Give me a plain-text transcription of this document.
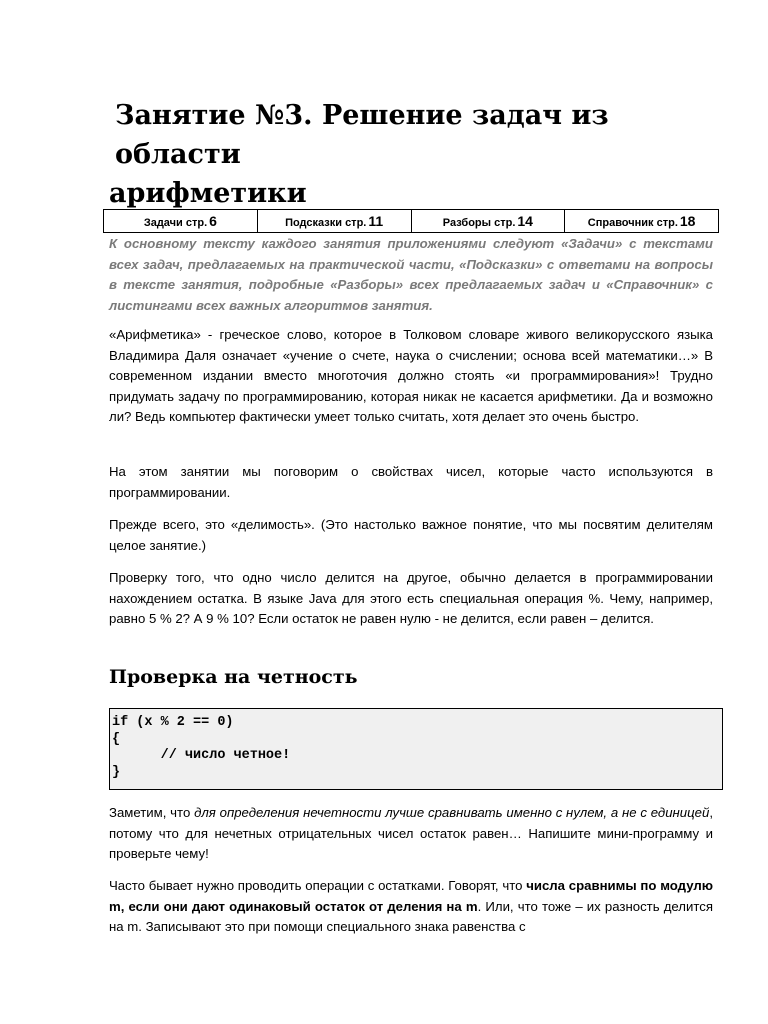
Занятие №3. Решение задач из области
арифметики
Задачи стр. 6	Подсказки стр. 11	Разборы стр. 14	Справочник стр. 18
К основному тексту каждого занятия приложениями следуют «Задачи» с текстами всех задач, предлагаемых на практической части, «Подсказки» с ответами на вопросы в тексте занятия, подробные «Разборы» всех предлагаемых задач и «Справочник» с листингами всех важных алгоритмов занятия.
«Арифметика» - греческое слово, которое в Толковом словаре живого великорусского языка Владимира Даля означает «учение о счете, наука о счислении; основа всей математики…» В современном издании вместо многоточия должно стоять «и программирования»! Трудно придумать задачу по программированию, которая никак не касается арифметики. Да и возможно ли? Ведь компьютер фактически умеет только считать, хотя делает это очень быстро.
На этом занятии мы поговорим о свойствах чисел, которые часто используются в программировании.
Прежде всего, это «делимость». (Это настолько важное понятие, что мы посвятим делителям целое занятие.)
Проверку того, что одно число делится на другое, обычно делается в программировании нахождением остатка. В языке Java для этого есть специальная операция %. Чему, например, равно 5 % 2? А 9 % 10? Если остаток не равен нулю - не делится, если равен – делится.
Проверка на четность
if (x % 2 == 0)
{
// число четное!
}
Заметим, что для определения нечетности лучше сравнивать именно с нулем, а не с единицей, потому что для нечетных отрицательных чисел остаток равен… Напишите мини-программу и проверьте чему!
Часто бывает нужно проводить операции с остатками. Говорят, что числа сравнимы по модулю m, если они дают одинаковый остаток от деления на m. Или, что тоже – их разность делится на m. Записывают это при помощи специального знака равенства с
